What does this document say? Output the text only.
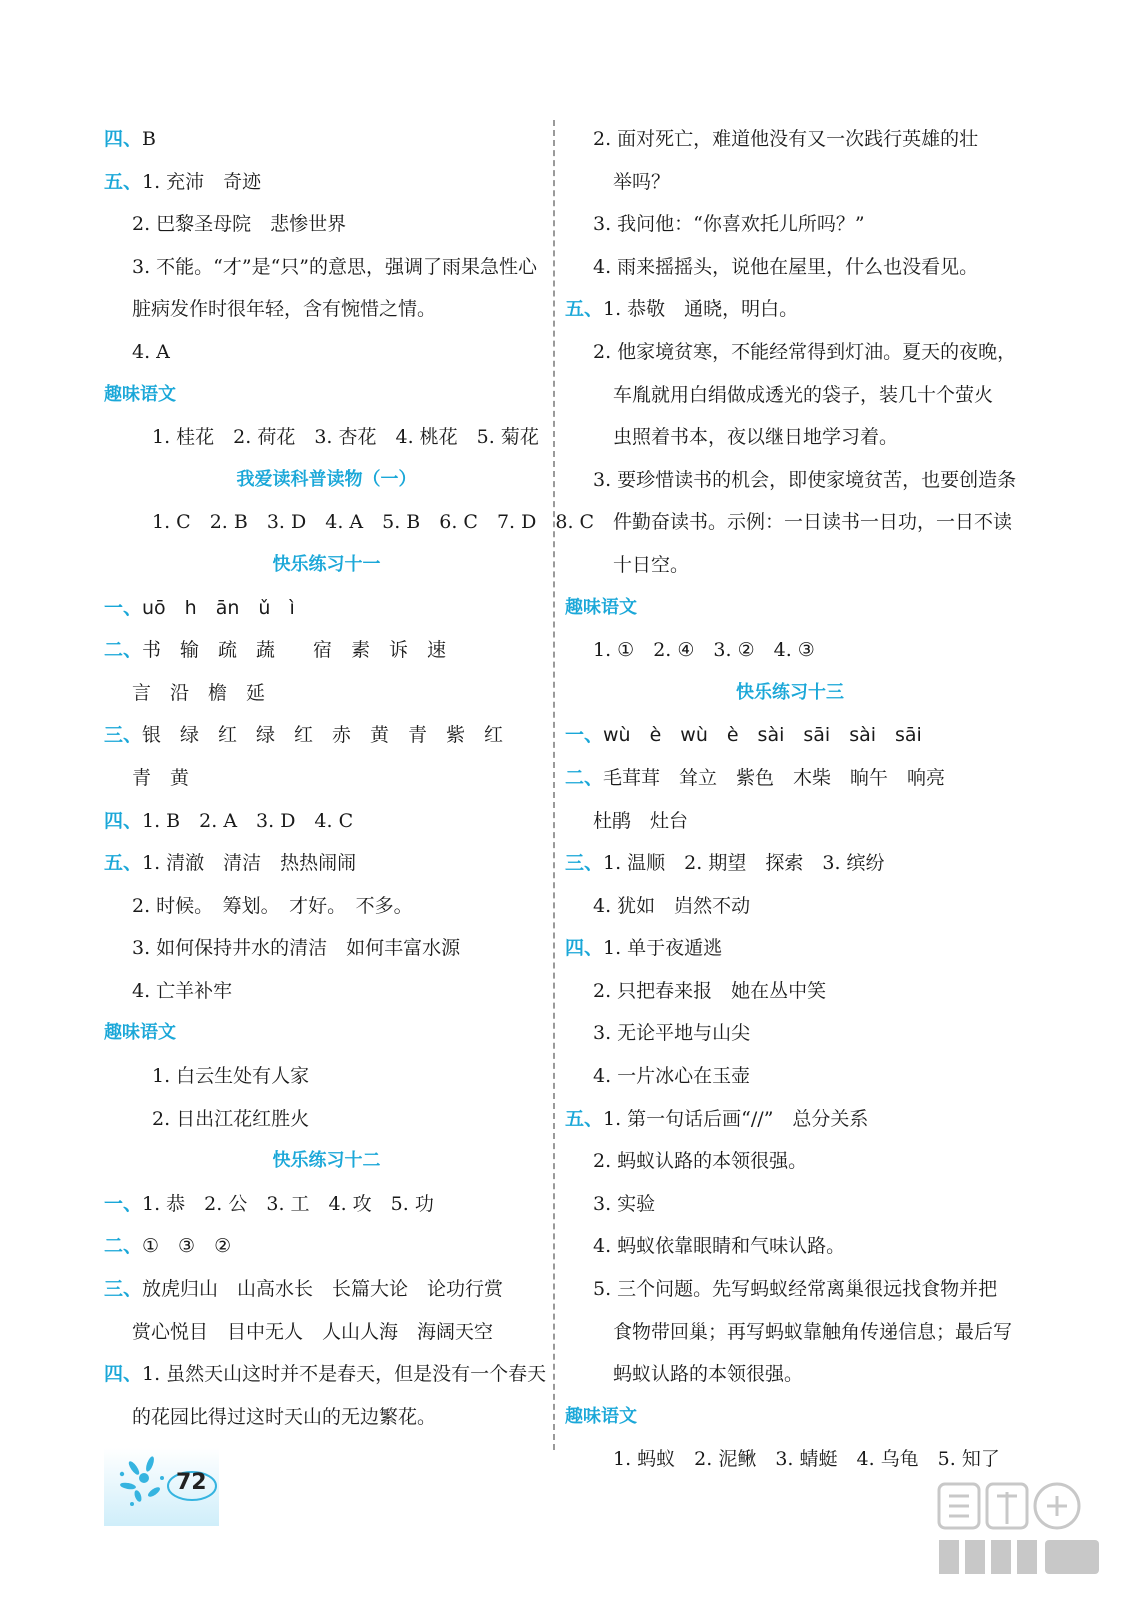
四、B
五、1. 充沛　奇迹
2. 巴黎圣母院　悲惨世界
3. 不能。“才”是“只”的意思，强调了雨果急性心
脏病发作时很年轻，含有惋惜之情。
4. A
趣味语文
1. 桂花　2. 荷花　3. 杏花　4. 桃花　5. 菊花
我爱读科普读物（一）
1. C　2. B　3. D　4. A　5. B　6. C　7. D　8. C
快乐练习十一
一、uō　h　ān　ǔ　ì
二、书　输　疏　蔬　　宿　素　诉　速
言　沿　檐　延
三、银　绿　红　绿　红　赤　黄　青　紫　红
青　黄
四、1. B　2. A　3. D　4. C
五、1. 清澈　清洁　热热闹闹
2. 时候。　筹划。　才好。　不多。
3. 如何保持井水的清洁　如何丰富水源
4. 亡羊补牢
趣味语文
1. 白云生处有人家
2. 日出江花红胜火
快乐练习十二
一、1. 恭　2. 公　3. 工　4. 攻　5. 功
二、①　③　②
三、放虎归山　山高水长　长篇大论　论功行赏
赏心悦目　目中无人　人山人海　海阔天空
四、1. 虽然天山这时并不是春天，但是没有一个春天
的花园比得过这时天山的无边繁花。
2. 面对死亡，难道他没有又一次践行英雄的壮
举吗？
3. 我问他：“你喜欢托儿所吗？”
4. 雨来摇摇头，说他在屋里，什么也没看见。
五、1. 恭敬　通晓，明白。
2. 他家境贫寒，不能经常得到灯油。夏天的夜晚，
车胤就用白绢做成透光的袋子，装几十个萤火
虫照着书本，夜以继日地学习着。
3. 要珍惜读书的机会，即使家境贫苦，也要创造条
件勤奋读书。示例：一日读书一日功，一日不读
十日空。
趣味语文
1. ①　2. ④　3. ②　4. ③
快乐练习十三
一、wù　è　wù　è　sài　sāi　sài　sāi
二、毛茸茸　耸立　紫色　木柴　晌午　响亮
杜鹃　灶台
三、1. 温顺　2. 期望　探索　3. 缤纷
4. 犹如　岿然不动
四、1. 单于夜遁逃
2. 只把春来报　她在丛中笑
3. 无论平地与山尖
4. 一片冰心在玉壶
五、1. 第一句话后画“//”　总分关系
2. 蚂蚁认路的本领很强。
3. 实验
4. 蚂蚁依靠眼睛和气味认路。
5. 三个问题。先写蚂蚁经常离巢很远找食物并把
食物带回巢；再写蚂蚁靠触角传递信息；最后写
蚂蚁认路的本领很强。
趣味语文
1. 蚂蚁　2. 泥鳅　3. 蜻蜓　4. 乌龟　5. 知了
72
